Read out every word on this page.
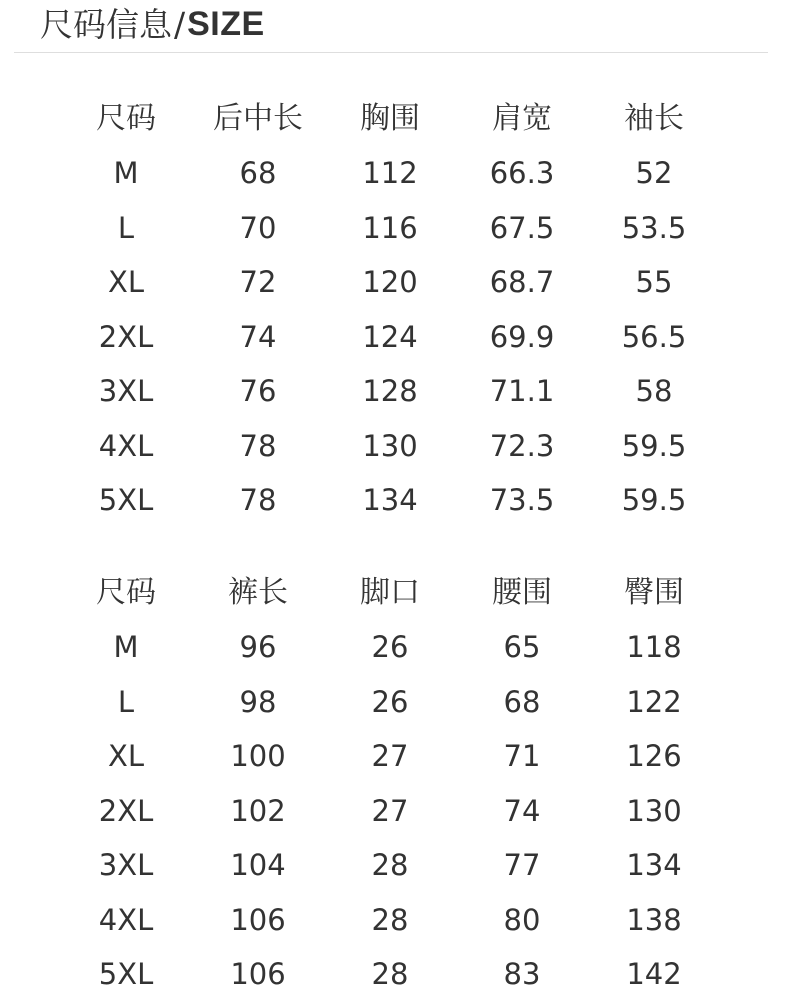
尺码信息 / SIZE
尺码	后中长	胸围	肩宽	袖长
M	68	112	66.3	52
L	70	116	67.5	53.5
XL	72	120	68.7	55
2XL	74	124	69.9	56.5
3XL	76	128	71.1	58
4XL	78	130	72.3	59.5
5XL	78	134	73.5	59.5
尺码	裤长	脚口	腰围	臀围
M	96	26	65	118
L	98	26	68	122
XL	100	27	71	126
2XL	102	27	74	130
3XL	104	28	77	134
4XL	106	28	80	138
5XL	106	28	83	142
